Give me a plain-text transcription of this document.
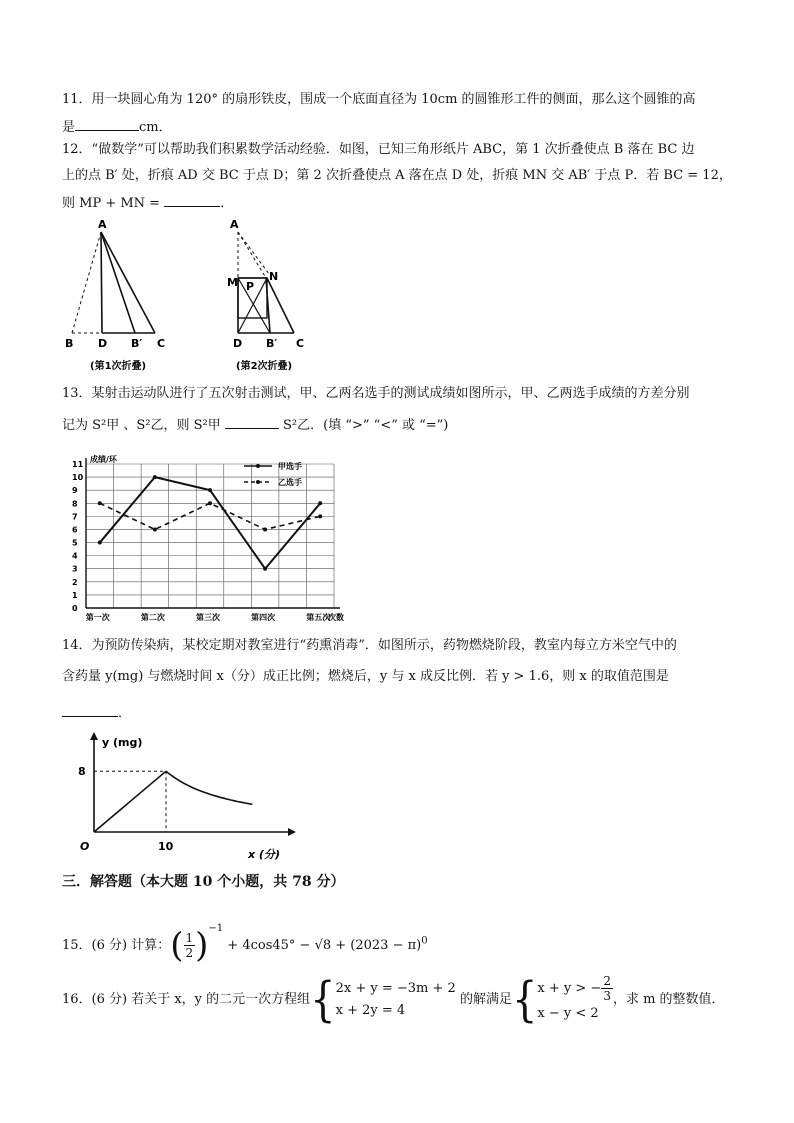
11．用一块圆心角为 120° 的扇形铁皮，围成一个底面直径为 10cm 的圆锥形工件的侧面，那么这个圆锥的高
是	cm．
12．“做数学”可以帮助我们积累数学活动经验．如图，已知三角形纸片 ABC，第 1 次折叠使点 B 落在 BC 边
上的点 B′ 处，折痕 AD 交 BC 于点 D；第 2 次折叠使点 A 落在点 D 处，折痕 MN 交 AB′ 于点 P．若 BC = 12，
则 MP + MN =	．
A
B D B′ C
(第1次折叠)
A
M	N
P
D B′ C
(第2次折叠)
13．某射击运动队进行了五次射击测试，甲、乙两名选手的测试成绩如图所示，甲、乙两选手成绩的方差分别
记为 S²甲 、S²乙，则 S²甲	S²乙．(填 “>” “<” 或 “=”)
0
1
2
3
4
5
6
7
8
9
10
11
成绩/环
第一次	第二次	第三次	第四次	第五次
次数
甲选手
乙选手
14．为预防传染病，某校定期对教室进行“药熏消毒”．如图所示，药物燃烧阶段，教室内每立方米空气中的
含药量 y(mg) 与燃烧时间 x（分）成正比例；燃烧后，y 与 x 成反比例．若 y > 1.6，则 x 的取值范围是
．
y (mg)
x (分)
O
8
10
三．解答题（本大题 10 个小题，共 78 分）
15．(6 分) 计算：( $\frac{1}{2} )^{-1} + 4\cos 45^\circ - √8 + (2023 - \pi)^0$
16．(6 分) 若关于 x，y 的二元一次方程组{ 2x + y = −3m + 2
x + 2y = 4
的解满足{ x + y > − $\frac{2}{3}$
x − y < 2
，求 m 的整数值．
